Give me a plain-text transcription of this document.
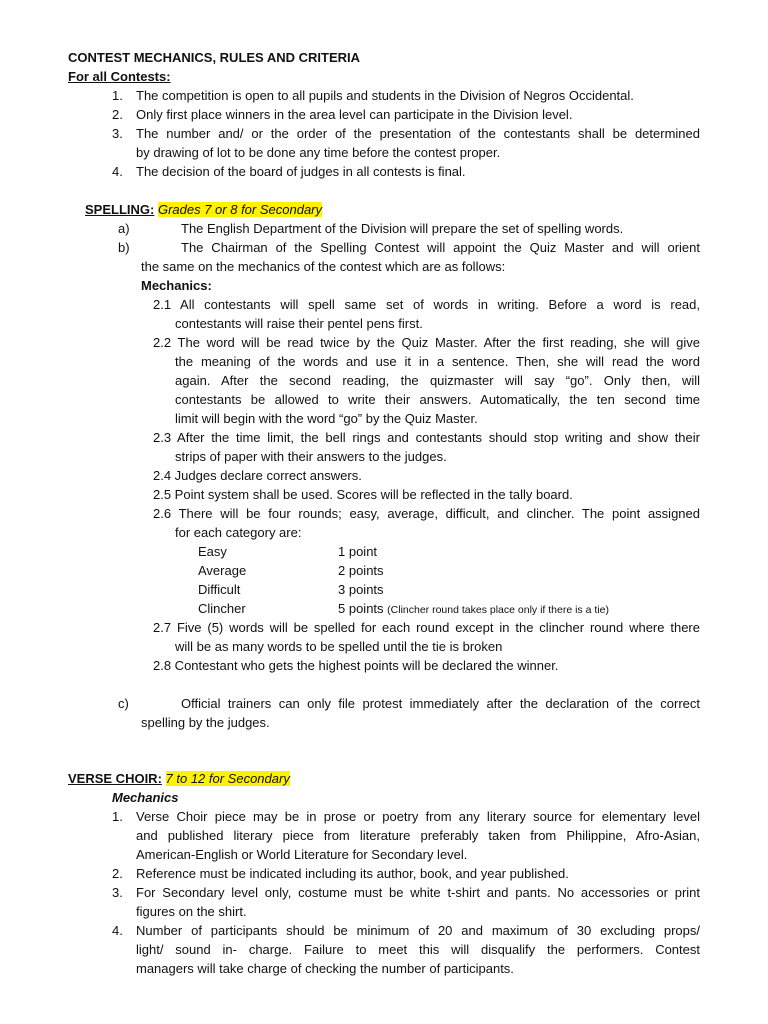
CONTEST MECHANICS, RULES AND CRITERIA
For all Contests:
1. The competition is open to all pupils and students in the Division of Negros Occidental.
2. Only first place winners in the area level can participate in the Division level.
3. The number and/ or the order of the presentation of the contestants shall be determined
by drawing of lot to be done any time before the contest proper.
4. The decision of the board of judges in all contests is final.
SPELLING: Grades 7 or 8 for Secondary
a)	The English Department of the Division will prepare the set of spelling words.
b)	The Chairman of the Spelling Contest will appoint the Quiz Master and will orient
the same on the mechanics of the contest which are as follows:
Mechanics:
2.1 All contestants will spell same set of words in writing. Before a word is read,
contestants will raise their pentel pens first.
2.2 The word will be read twice by the Quiz Master. After the first reading, she will give
the meaning of the words and use it in a sentence. Then, she will read the word
again. After the second reading, the quizmaster will say “go”. Only then, will
contestants be allowed to write their answers. Automatically, the ten second time
limit will begin with the word “go” by the Quiz Master.
2.3 After the time limit, the bell rings and contestants should stop writing and show their
strips of paper with their answers to the judges.
2.4 Judges declare correct answers.
2.5 Point system shall be used. Scores will be reflected in the tally board.
2.6 There will be four rounds; easy, average, difficult, and clincher. The point assigned
for each category are:
Easy	1 point
Average	2 points
Difficult	3 points
Clincher	5 points (Clincher round takes place only if there is a tie)
2.7 Five (5) words will be spelled for each round except in the clincher round where there
will be as many words to be spelled until the tie is broken
2.8 Contestant who gets the highest points will be declared the winner.
c)	Official trainers can only file protest immediately after the declaration of the correct
spelling by the judges.
VERSE CHOIR: 7 to 12 for Secondary
Mechanics
1. Verse Choir piece may be in prose or poetry from any literary source for elementary level
and published literary piece from literature preferably taken from Philippine, Afro-Asian,
American-English or World Literature for Secondary level.
2. Reference must be indicated including its author, book, and year published.
3. For Secondary level only, costume must be white t-shirt and pants. No accessories or print
figures on the shirt.
4. Number of participants should be minimum of 20 and maximum of 30 excluding props/
light/ sound in- charge. Failure to meet this will disqualify the performers. Contest
managers will take charge of checking the number of participants.
